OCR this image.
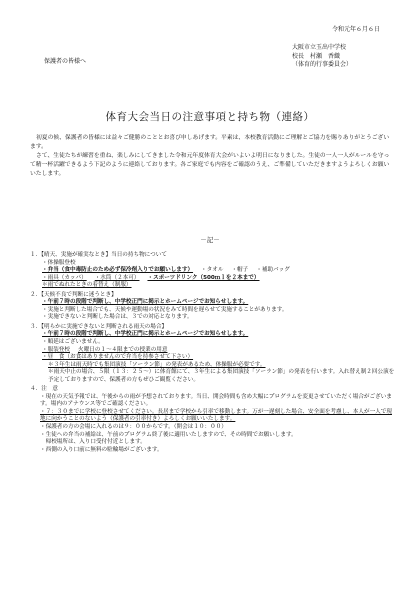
令和元年６月６日
保護者の皆様へ
大阪市立玉出中学校
校長　村瀬　香織
（体育的行事委員会）
体育大会当日の注意事項と持ち物（連絡）

初夏の候、保護者の皆様には益々ご健勝のこととお喜び申しあげます。平素は、本校教育活動にご理解とご協力を賜りありがとうございます。

さて、生徒たちが練習を重ね、楽しみにしてきました令和元年度体育大会がいよいよ明日になりました。生徒の一人一人がルールを守って精一杯活躍できるよう下記のように連絡しております。各ご家庭でも内容をご確認のうえ、ご準備していただきますようよろしくお願いいたします。

－記－
１．【晴天、実施が確実なとき】当日の持ち物について
・体操服登校
・弁当（食中毒防止のため必ず保冷剤入りでお願いします） ・タオル ・帽子 ・補助バッグ
・雨具（カッパ） ・水筒（２本可） ・スポーツドリンク（500ｍｌを２本まで）
＊雨でぬれたときの着替え（制服）
２．【天候不良で判断に迷うとき】
・午前７時の段階で判断し、中学校正門に掲示とホームページでお知らせします。
・実施と判断した場合でも、天候や運動場の状況をみて時間を遅らせて実施することがあります。
・実施できないと判断した場合は、３での対応となります。
３．【明らかに実施できないと判断される雨天の場合】
・午前７時の段階で判断し、中学校正門に掲示とホームページでお知らせします。
・順延はございません。
・服装登校 火曜日の１～４限までの授業の用意
・昼　食（お食はありませんので弁当を持参させて下さい）
＊３年生は雨天時でも集団演技「ソーラン節」の発表があるため、体操服が必要です。
＊雨天中止の場合、５限（１３：２５～）に体育館にて、３年生による集団演技「ソーラン節」の発表を行います。入れ替え制２回公演を予定しておりますので、保護者の方もぜひご観覧ください。
４．注　意
・現在の天気予報では、午後からの雨が予想されております。当日、開会時間も含め大幅にプログラムを変更させていただく場合がございます。場内のアナウンス等でご確認ください。
・７：３０までに学校に登校させてください。長居まで学校から引率で移動します。万が一遅刻した場合、安全面を考慮し、本人が一人で現地に向かうことのないよう（保護者の引率付き）よろしくお願いいたします。
・保護者の方の会場に入れるのは９：００からです。（開会は１０：００）
・生徒への弁当の補給は、午前のプログラム終了後に適用いたしますので、その時間でお願いします。
　帰校場所は、入り口受付付近とします。
・西側の入り口前に無料の駐輪場がございます。
